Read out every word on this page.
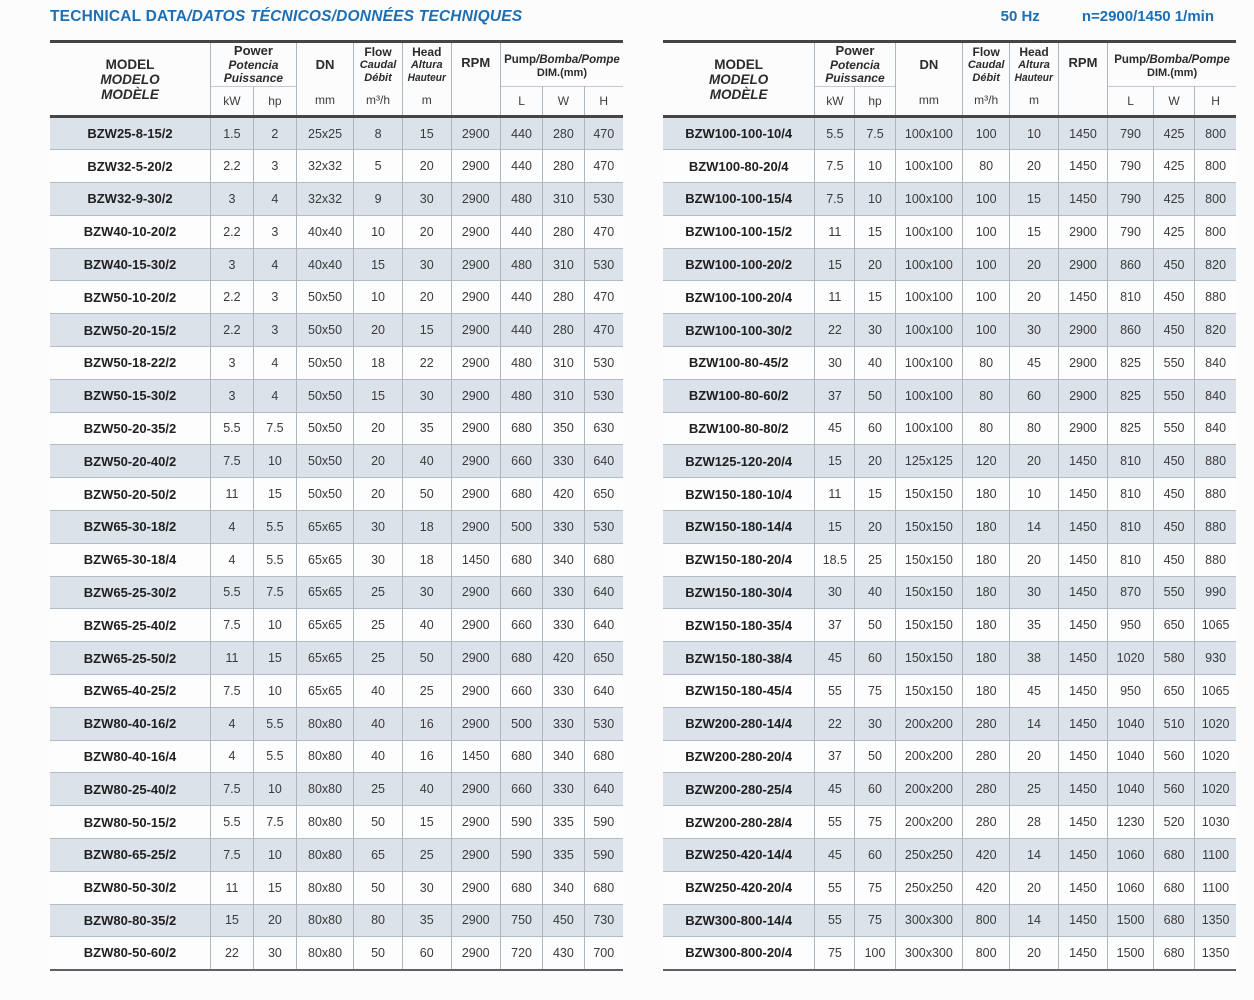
TECHNICAL DATA/DATOS TÉCNICOS/DONNÉES TECHNIQUES	50 Hz	n=2900/1450 1/min
MODEL
MODELO
MODÈLE	Power
Potencia
Puissance		DN	Flow
Caudal
Débit	Head
Altura
Hauteur	RPM	Pump/Bomba/Pompe
DIM.(mm)		

	kW	hp	mm	m³/h	m		L	W	H
BZW25-8-15/2	1.5	2	25x25	8	15	2900	440	280	470
BZW32-5-20/2	2.2	3	32x32	5	20	2900	440	280	470
BZW32-9-30/2	3	4	32x32	9	30	2900	480	310	530
BZW40-10-20/2	2.2	3	40x40	10	20	2900	440	280	470
BZW40-15-30/2	3	4	40x40	15	30	2900	480	310	530
BZW50-10-20/2	2.2	3	50x50	10	20	2900	440	280	470
BZW50-20-15/2	2.2	3	50x50	20	15	2900	440	280	470
BZW50-18-22/2	3	4	50x50	18	22	2900	480	310	530
BZW50-15-30/2	3	4	50x50	15	30	2900	480	310	530
BZW50-20-35/2	5.5	7.5	50x50	20	35	2900	680	350	630
BZW50-20-40/2	7.5	10	50x50	20	40	2900	660	330	640
BZW50-20-50/2	11	15	50x50	20	50	2900	680	420	650
BZW65-30-18/2	4	5.5	65x65	30	18	2900	500	330	530
BZW65-30-18/4	4	5.5	65x65	30	18	1450	680	340	680
BZW65-25-30/2	5.5	7.5	65x65	25	30	2900	660	330	640
BZW65-25-40/2	7.5	10	65x65	25	40	2900	660	330	640
BZW65-25-50/2	11	15	65x65	25	50	2900	680	420	650
BZW65-40-25/2	7.5	10	65x65	40	25	2900	660	330	640
BZW80-40-16/2	4	5.5	80x80	40	16	2900	500	330	530
BZW80-40-16/4	4	5.5	80x80	40	16	1450	680	340	680
BZW80-25-40/2	7.5	10	80x80	25	40	2900	660	330	640
BZW80-50-15/2	5.5	7.5	80x80	50	15	2900	590	335	590
BZW80-65-25/2	7.5	10	80x80	65	25	2900	590	335	590
BZW80-50-30/2	11	15	80x80	50	30	2900	680	340	680
BZW80-80-35/2	15	20	80x80	80	35	2900	750	450	730
BZW80-50-60/2	22	30	80x80	50	60	2900	720	430	700
MODEL
MODELO
MODÈLE	Power
Potencia
Puissance		DN	Flow
Caudal
Débit	Head
Altura
Hauteur	RPM	Pump/Bomba/Pompe
DIM.(mm)		

	kW	hp	mm	m³/h	m		L	W	H
BZW100-100-10/4	5.5	7.5	100x100	100	10	1450	790	425	800
BZW100-80-20/4	7.5	10	100x100	80	20	1450	790	425	800
BZW100-100-15/4	7.5	10	100x100	100	15	1450	790	425	800
BZW100-100-15/2	11	15	100x100	100	15	2900	790	425	800
BZW100-100-20/2	15	20	100x100	100	20	2900	860	450	820
BZW100-100-20/4	11	15	100x100	100	20	1450	810	450	880
BZW100-100-30/2	22	30	100x100	100	30	2900	860	450	820
BZW100-80-45/2	30	40	100x100	80	45	2900	825	550	840
BZW100-80-60/2	37	50	100x100	80	60	2900	825	550	840
BZW100-80-80/2	45	60	100x100	80	80	2900	825	550	840
BZW125-120-20/4	15	20	125x125	120	20	1450	810	450	880
BZW150-180-10/4	11	15	150x150	180	10	1450	810	450	880
BZW150-180-14/4	15	20	150x150	180	14	1450	810	450	880
BZW150-180-20/4	18.5	25	150x150	180	20	1450	810	450	880
BZW150-180-30/4	30	40	150x150	180	30	1450	870	550	990
BZW150-180-35/4	37	50	150x150	180	35	1450	950	650	1065
BZW150-180-38/4	45	60	150x150	180	38	1450	1020	580	930
BZW150-180-45/4	55	75	150x150	180	45	1450	950	650	1065
BZW200-280-14/4	22	30	200x200	280	14	1450	1040	510	1020
BZW200-280-20/4	37	50	200x200	280	20	1450	1040	560	1020
BZW200-280-25/4	45	60	200x200	280	25	1450	1040	560	1020
BZW200-280-28/4	55	75	200x200	280	28	1450	1230	520	1030
BZW250-420-14/4	45	60	250x250	420	14	1450	1060	680	1100
BZW250-420-20/4	55	75	250x250	420	20	1450	1060	680	1100
BZW300-800-14/4	55	75	300x300	800	14	1450	1500	680	1350
BZW300-800-20/4	75	100	300x300	800	20	1450	1500	680	1350
